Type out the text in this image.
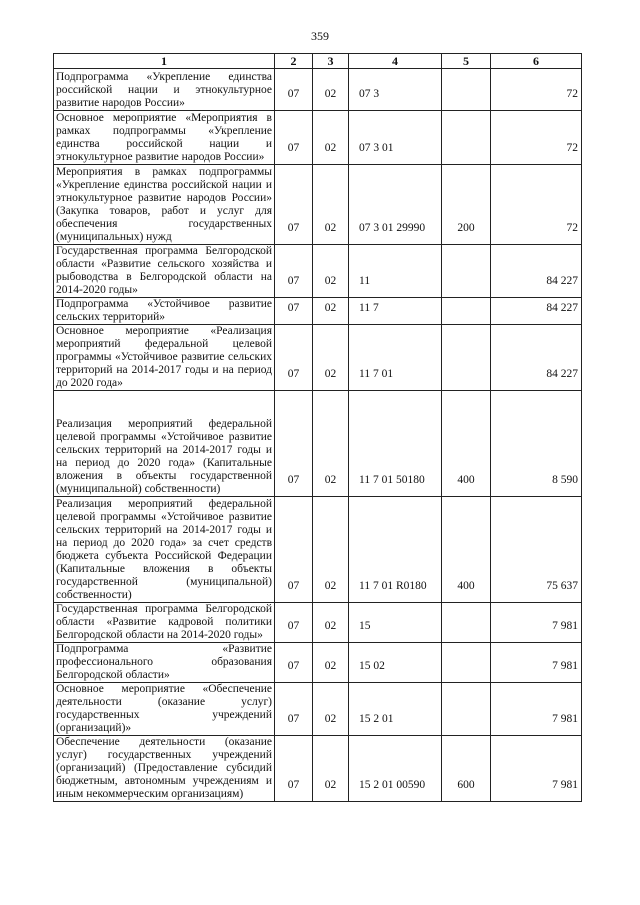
359
1	2	3	4	5	6
Подпрограмма «Укрепление единства российской нации и этнокультурное развитие народов России»	07	02	07 3		72

Основное мероприятие «Мероприятия в рамках подпрограммы «Укрепление единства российской нации и этнокультурное развитие народов России»	07	02	07 3 01		72

Мероприятия в рамках подпрограммы «Укрепление единства российской нации и этнокультурное развитие народов России» (Закупка товаров, работ и услуг для обеспечения государственных (муниципальных) нужд	07	02	07 3 01 29990	200	72

Государственная программа Белгородской области «Развитие сельского хозяйства и рыбоводства в Белгородской области на 2014-2020 годы»	07	02	11		84 227

Подпрограмма «Устойчивое развитие сельских территорий»	07	02	11 7		84 227

Основное мероприятие «Реализация мероприятий федеральной целевой программы «Устойчивое развитие сельских территорий на 2014-2017 годы и на период до 2020 года»	07	02	11 7 01		84 227

Реализация мероприятий федеральной целевой программы «Устойчивое развитие сельских территорий на 2014-2017 годы и на период до 2020 года» (Капитальные вложения в объекты государственной (муниципальной) собственности)	07	02	11 7 01 50180	400	8 590

Реализация мероприятий федеральной целевой программы «Устойчивое развитие сельских территорий на 2014-2017 годы и на период до 2020 года» за счет средств бюджета субъекта Российской Федерации (Капитальные вложения в объекты государственной (муниципальной) собственности)	07	02	11 7 01 R0180	400	75 637

Государственная программа Белгородской области «Развитие кадровой политики Белгородской области на 2014-2020 годы»	07	02	15		7 981

Подпрограмма «Развитие профессионального образования Белгородской области»	07	02	15 02		7 981

Основное мероприятие «Обеспечение деятельности (оказание услуг) государственных учреждений (организаций)»	07	02	15 2 01		7 981

Обеспечение деятельности (оказание услуг) государственных учреждений (организаций) (Предоставление субсидий бюджетным, автономным учреждениям и иным некоммерческим организациям)	07	02	15 2 01 00590	600	7 981
